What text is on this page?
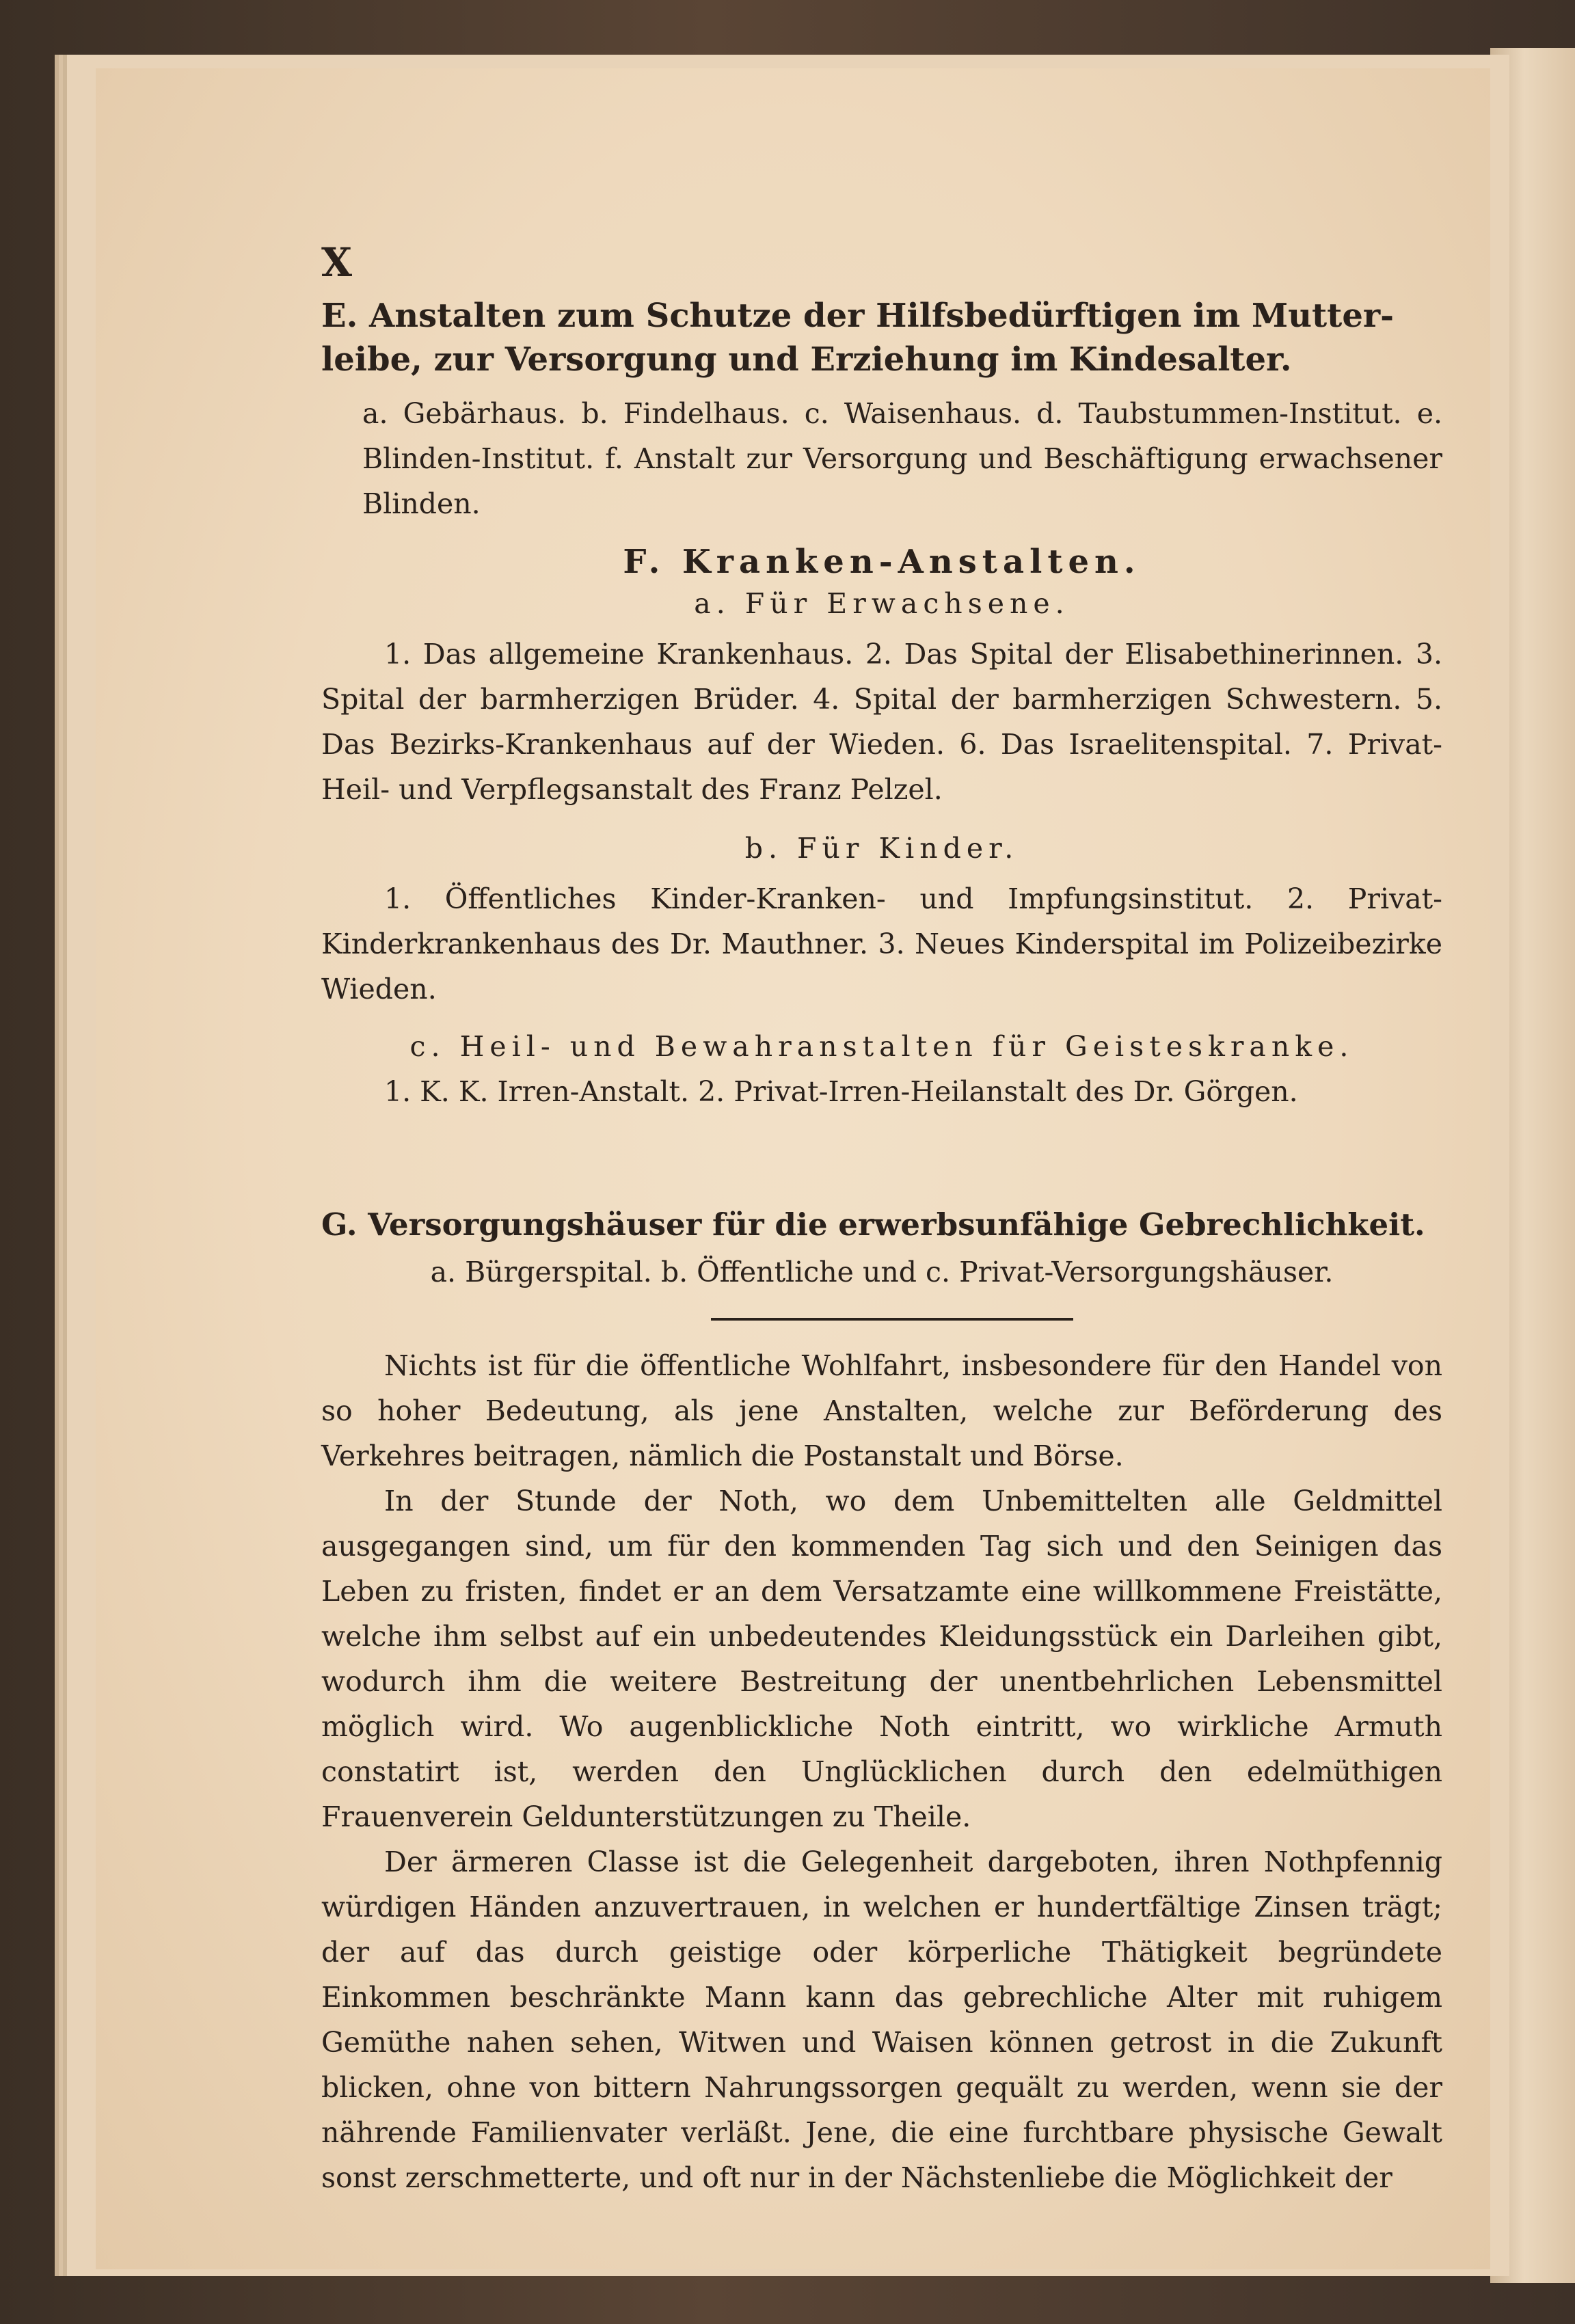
X
E. Anstalten zum Schutze der Hilfsbedürftigen im Mutter-leibe, zur Versorgung und Erziehung im Kindesalter.

a. Gebärhaus. b. Findelhaus. c. Waisenhaus. d. Taubstummen-Institut. e. Blinden-Institut. f. Anstalt zur Versorgung und Beschäftigung erwachsener Blinden.

F. Kranken-Anstalten.
a. Für Erwachsene.
1. Das allgemeine Krankenhaus. 2. Das Spital der Elisabethinerinnen. 3. Spital der barmherzigen Brüder. 4. Spital der barmherzigen Schwestern. 5. Das Bezirks-Krankenhaus auf der Wieden. 6. Das Israelitenspital. 7. Privat-Heil- und Verpflegsanstalt des Franz Pelzel.
b. Für Kinder.
1. Öffentliches Kinder-Kranken- und Impfungsinstitut. 2. Privat-Kinderkrankenhaus des Dr. Mauthner. 3. Neues Kinderspital im Polizeibezirke Wieden.
c. Heil- und Bewahranstalten für Geisteskranke.
1. K. K. Irren-Anstalt. 2. Privat-Irren-Heilanstalt des Dr. Görgen.
G. Versorgungshäuser für die erwerbsunfähige Gebrechlichkeit.
a. Bürgerspital. b. Öffentliche und c. Privat-Versorgungshäuser.

Nichts ist für die öffentliche Wohlfahrt, insbesondere für den Handel von so hoher Bedeutung, als jene Anstalten, welche zur Beförderung des Verkehres beitragen, nämlich die Postanstalt und Börse.

In der Stunde der Noth, wo dem Unbemittelten alle Geldmittel ausgegangen sind, um für den kommenden Tag sich und den Seinigen das Leben zu fristen, findet er an dem Versatzamte eine willkommene Freistätte, welche ihm selbst auf ein unbedeutendes Kleidungsstück ein Darleihen gibt, wodurch ihm die weitere Bestreitung der unentbehrlichen Lebensmittel möglich wird. Wo augenblickliche Noth eintritt, wo wirkliche Armuth constatirt ist, werden den Unglücklichen durch den edelmüthigen Frauenverein Geldunterstützungen zu Theile.

Der ärmeren Classe ist die Gelegenheit dargeboten, ihren Nothpfennig würdigen Händen anzuvertrauen, in welchen er hundertfältige Zinsen trägt; der auf das durch geistige oder körperliche Thätigkeit begründete Einkommen beschränkte Mann kann das gebrechliche Alter mit ruhigem Gemüthe nahen sehen, Witwen und Waisen können getrost in die Zukunft blicken, ohne von bittern Nahrungssorgen gequält zu werden, wenn sie der nährende Familienvater verläßt. Jene, die eine furchtbare physische Gewalt sonst zerschmetterte, und oft nur in der Nächstenliebe die Möglichkeit der
